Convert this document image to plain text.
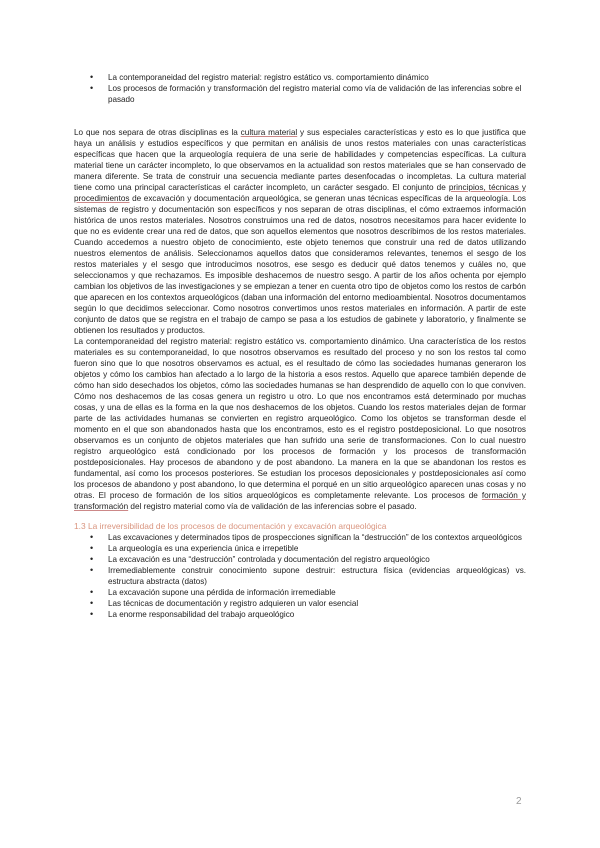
• La contemporaneidad del registro material: registro estático vs. comportamiento dinámico
• Los procesos de formación y transformación del registro material como vía de validación de las inferencias sobre el pasado

Lo que nos separa de otras disciplinas es la cultura material y sus especiales características y esto es lo que justifica que haya un análisis y estudios específicos y que permitan en análisis de unos restos materiales con unas características específicas que hacen que la arqueología requiera de una serie de habilidades y competencias específicas. La cultura material tiene un carácter incompleto, lo que observamos en la actualidad son restos materiales que se han conservado de manera diferente. Se trata de construir una secuencia mediante partes desenfocadas o incompletas. La cultura material tiene como una principal características el carácter incompleto, un carácter sesgado. El conjunto de principios, técnicas y procedimientos de excavación y documentación arqueológica, se generan unas técnicas específicas de la arqueología. Los sistemas de registro y documentación son específicos y nos separan de otras disciplinas, el cómo extraemos información histórica de unos restos materiales. Nosotros construimos una red de datos, nosotros necesitamos para hacer evidente lo que no es evidente crear una red de datos, que son aquellos elementos que nosotros describimos de los restos materiales. Cuando accedemos a nuestro objeto de conocimiento, este objeto tenemos que construir una red de datos utilizando nuestros elementos de análisis. Seleccionamos aquellos datos que consideramos relevantes, tenemos el sesgo de los restos materiales y el sesgo que introducimos nosotros, ese sesgo es deducir qué datos tenemos y cuáles no, que seleccionamos y que rechazamos. Es imposible deshacemos de nuestro sesgo. A partir de los años ochenta por ejemplo cambian los objetivos de las investigaciones y se empiezan a tener en cuenta otro tipo de objetos como los restos de carbón que aparecen en los contextos arqueológicos (daban una información del entorno medioambiental. Nosotros documentamos según lo que decidimos seleccionar. Como nosotros convertimos unos restos materiales en información. A partir de este conjunto de datos que se registra en el trabajo de campo se pasa a los estudios de gabinete y laboratorio, y finalmente se obtienen los resultados y productos.

La contemporaneidad del registro material: registro estático vs. comportamiento dinámico. Una característica de los restos materiales es su contemporaneidad, lo que nosotros observamos es resultado del proceso y no son los restos tal como fueron sino que lo que nosotros observamos es actual, es el resultado de cómo las sociedades humanas generaron los objetos y cómo los cambios han afectado a lo largo de la historia a esos restos. Aquello que aparece también depende de cómo han sido desechados los objetos, cómo las sociedades humanas se han desprendido de aquello con lo que conviven. Cómo nos deshacemos de las cosas genera un registro u otro. Lo que nos encontramos está determinado por muchas cosas, y una de ellas es la forma en la que nos deshacemos de los objetos. Cuando los restos materiales dejan de formar parte de las actividades humanas se convierten en registro arqueológico. Como los objetos se transforman desde el momento en el que son abandonados hasta que los encontramos, esto es el registro postdeposicional. Lo que nosotros observamos es un conjunto de objetos materiales que han sufrido una serie de transformaciones. Con lo cual nuestro registro arqueológico está condicionado por los procesos de formación y los procesos de transformación postdeposicionales. Hay procesos de abandono y de post abandono. La manera en la que se abandonan los restos es fundamental, así como los procesos posteriores. Se estudian los procesos deposicionales y postdeposicionales así como los procesos de abandono y post abandono, lo que determina el porqué en un sitio arqueológico aparecen unas cosas y no otras. El proceso de formación de los sitios arqueológicos es completamente relevante. Los procesos de formación y transformación del registro material como vía de validación de las inferencias sobre el pasado.

1.3 La irreversibilidad de los procesos de documentación y excavación arqueológica

• Las excavaciones y determinados tipos de prospecciones significan la “destrucción” de los contextos arqueológicos
• La arqueología es una experiencia única e irrepetible
• La excavación es una “destrucción” controlada y documentación del registro arqueológico
• Irremediablemente construir conocimiento supone destruir: estructura física (evidencias arqueológicas) vs. estructura abstracta (datos)
• La excavación supone una pérdida de información irremediable
• Las técnicas de documentación y registro adquieren un valor esencial
• La enorme responsabilidad del trabajo arqueológico
2
